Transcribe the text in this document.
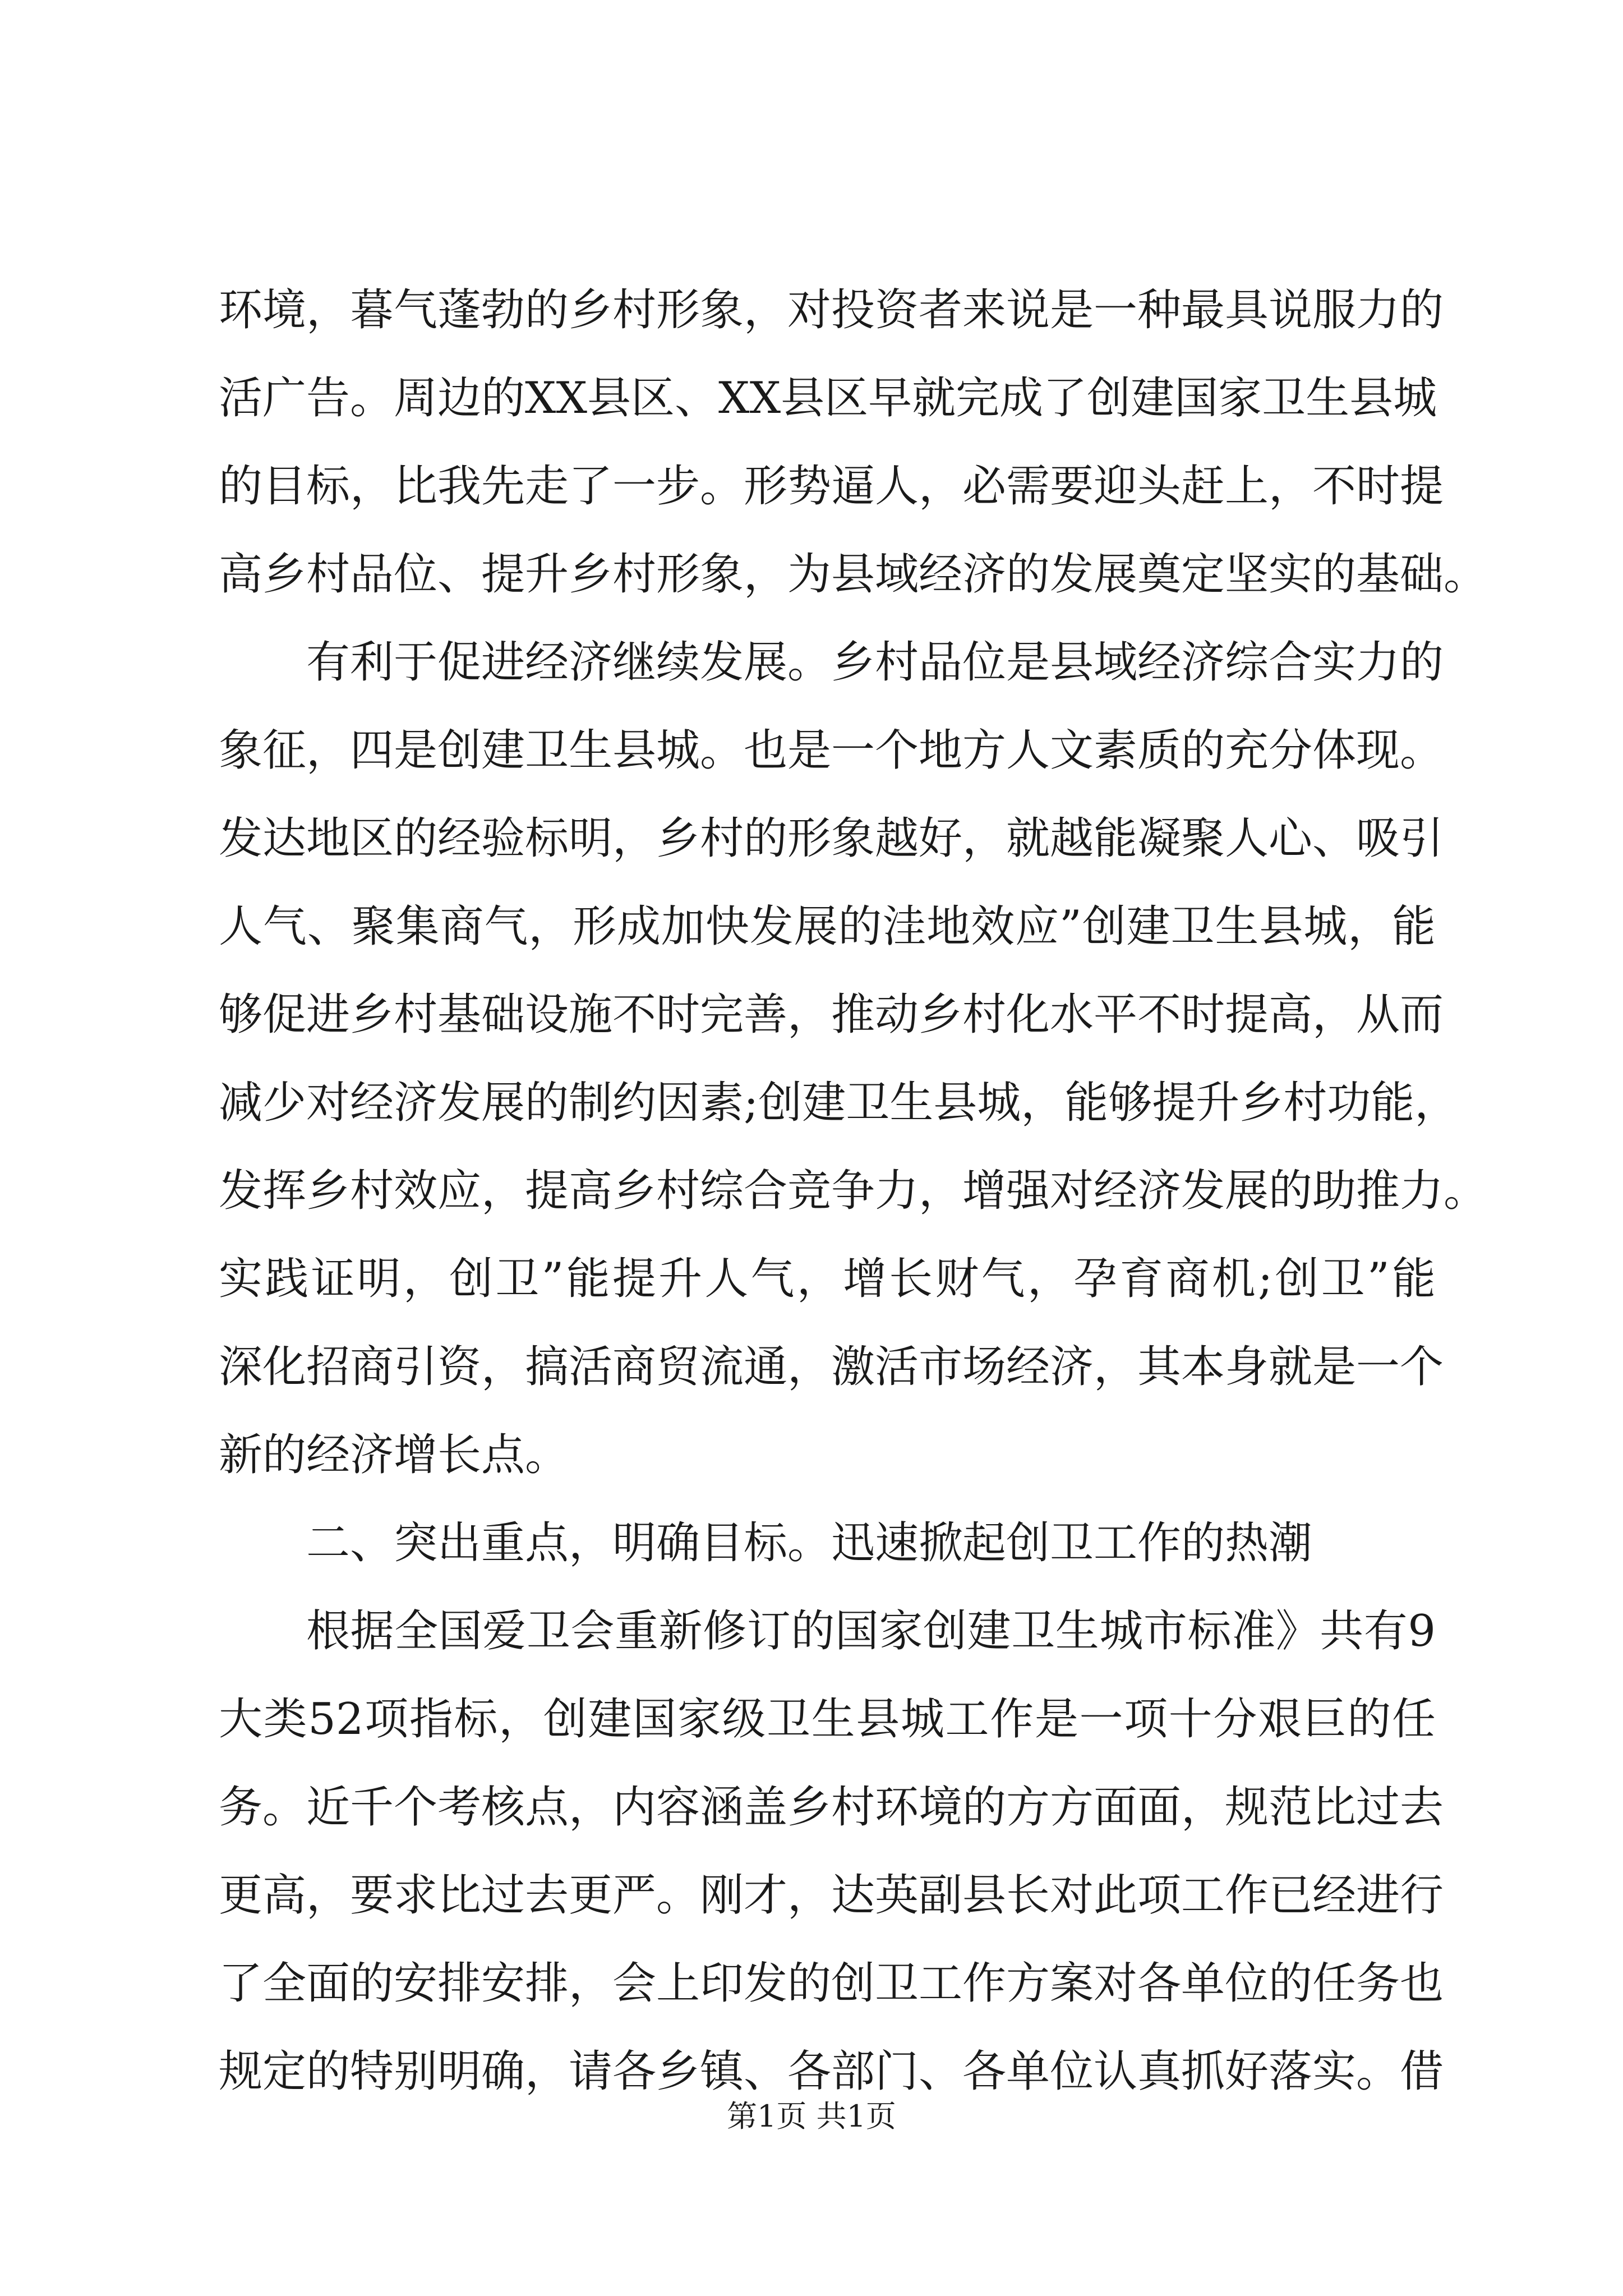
环境，暮气蓬勃的乡村形象，对投资者来说是一种最具说服力的
活广告。周边的XX县区、XX县区早就完成了创建国家卫生县城
的目标，比我先走了一步。形势逼人，必需要迎头赶上，不时提
高乡村品位、提升乡村形象，为县域经济的发展奠定坚实的基础。
有利于促进经济继续发展。乡村品位是县域经济综合实力的
象征，四是创建卫生县城。也是一个地方人文素质的充分体现。
发达地区的经验标明，乡村的形象越好，就越能凝聚人心、吸引
人气、聚集商气，形成加快发展的洼地效应”创建卫生县城，能
够促进乡村基础设施不时完善，推动乡村化水平不时提高，从而
减少对经济发展的制约因素;创建卫生县城，能够提升乡村功能，
发挥乡村效应，提高乡村综合竞争力，增强对经济发展的助推力。
实践证明，创卫”能提升人气，增长财气，孕育商机;创卫”能
深化招商引资，搞活商贸流通，激活市场经济，其本身就是一个
新的经济增长点。
二、突出重点，明确目标。迅速掀起创卫工作的热潮
根据全国爱卫会重新修订的国家创建卫生城市标准》共有9
大类52项指标，创建国家级卫生县城工作是一项十分艰巨的任
务。近千个考核点，内容涵盖乡村环境的方方面面，规范比过去
更高，要求比过去更严。刚才，达英副县长对此项工作已经进行
了全面的安排安排，会上印发的创卫工作方案对各单位的任务也
规定的特别明确，请各乡镇、各部门、各单位认真抓好落实。借
第1页 共1页
